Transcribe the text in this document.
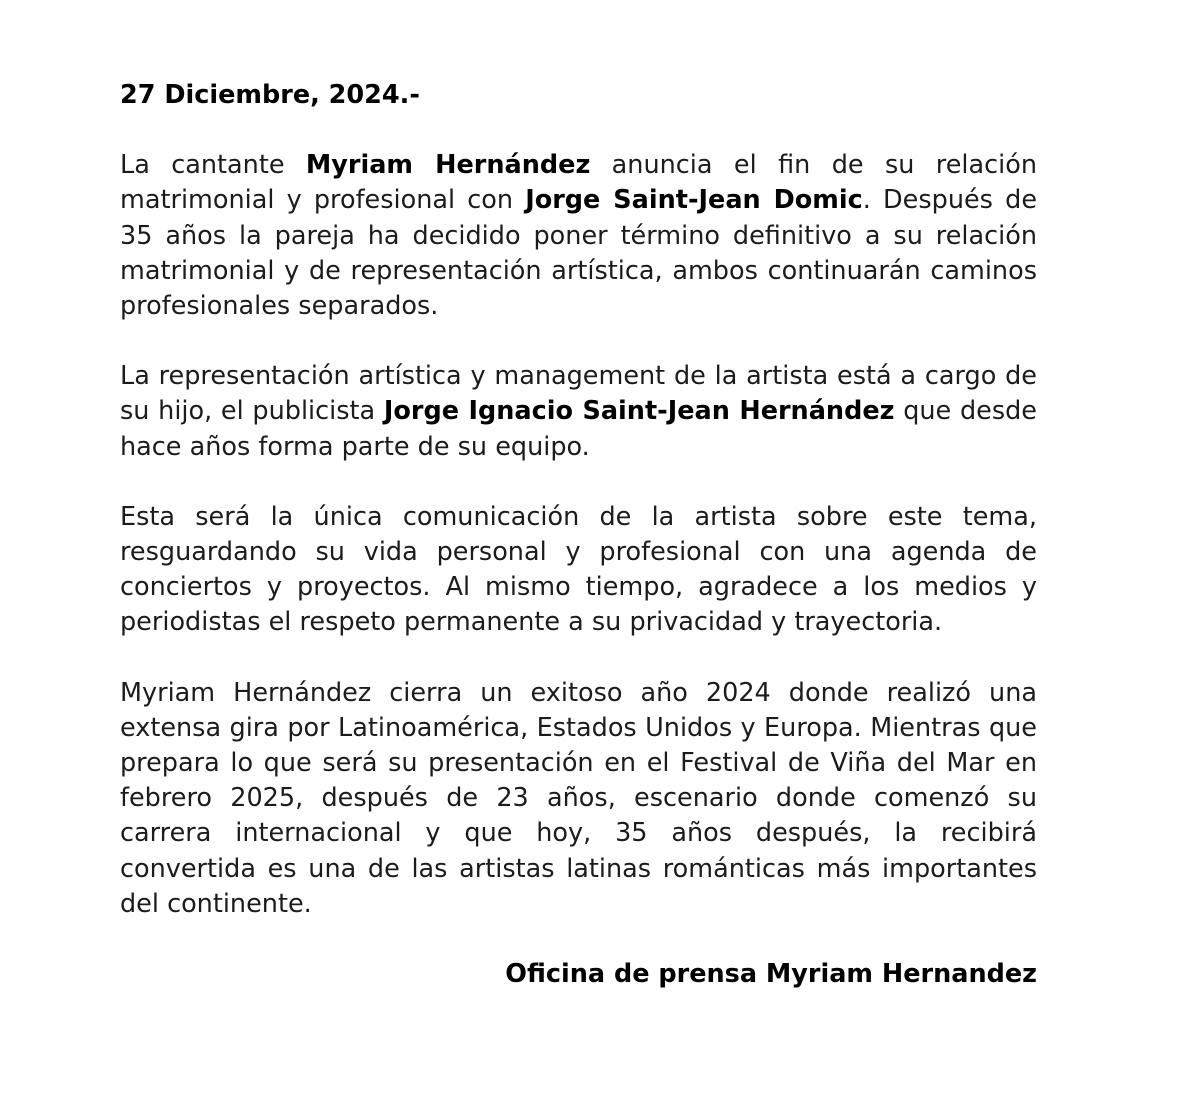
27 Diciembre, 2024.-

La cantante Myriam Hernández anuncia el fin de su relación matrimonial y profesional con Jorge Saint-Jean Domic. Después de 35 años la pareja ha decidido poner término definitivo a su relación matrimonial y de representación artística, ambos continuarán caminos profesionales separados.

La representación artística y management de la artista está a cargo de su hijo, el publicista Jorge Ignacio Saint-Jean Hernández que desde hace años forma parte de su equipo.

Esta será la única comunicación de la artista sobre este tema, resguardando su vida personal y profesional con una agenda de conciertos y proyectos. Al mismo tiempo, agradece a los medios y periodistas el respeto permanente a su privacidad y trayectoria.

Myriam Hernández cierra un exitoso año 2024 donde realizó una extensa gira por Latinoamérica, Estados Unidos y Europa. Mientras que prepara lo que será su presentación en el Festival de Viña del Mar en febrero 2025, después de 23 años, escenario donde comenzó su carrera internacional y que hoy, 35 años después, la recibirá convertida es una de las artistas latinas románticas más importantes del continente.

Oficina de prensa Myriam Hernandez
